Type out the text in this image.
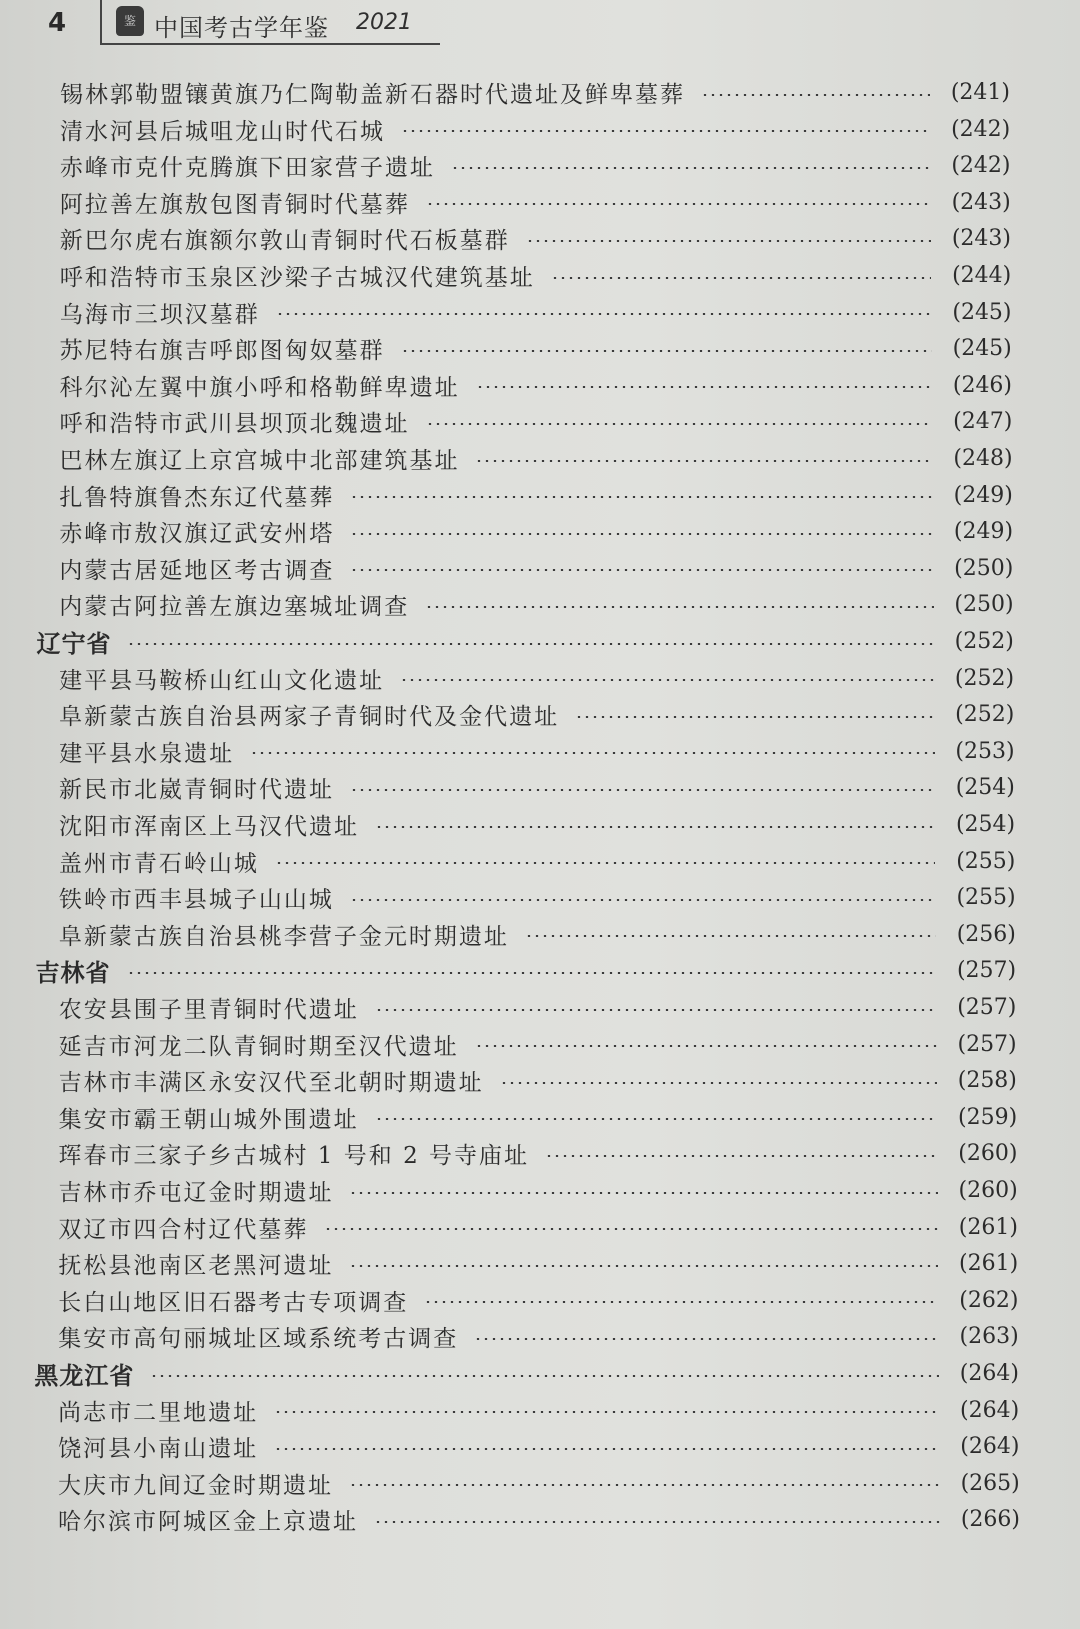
4	鉴 中国考古学年鉴 2021
锡林郭勒盟镶黄旗乃仁陶勒盖新石器时代遗址及鲜卑墓葬	(241)
清水河县后城咀龙山时代石城	(242)
赤峰市克什克腾旗下田家营子遗址	(242)
阿拉善左旗敖包图青铜时代墓葬	(243)
新巴尔虎右旗额尔敦山青铜时代石板墓群	(243)
呼和浩特市玉泉区沙梁子古城汉代建筑基址	(244)
乌海市三坝汉墓群	(245)
苏尼特右旗吉呼郎图匈奴墓群	(245)
科尔沁左翼中旗小呼和格勒鲜卑遗址	(246)
呼和浩特市武川县坝顶北魏遗址	(247)
巴林左旗辽上京宫城中北部建筑基址	(248)
扎鲁特旗鲁杰东辽代墓葬	(249)
赤峰市敖汉旗辽武安州塔	(249)
内蒙古居延地区考古调查	(250)
内蒙古阿拉善左旗边塞城址调查	(250)
辽宁省	(252)
建平县马鞍桥山红山文化遗址	(252)
阜新蒙古族自治县两家子青铜时代及金代遗址	(252)
建平县水泉遗址	(253)
新民市北崴青铜时代遗址	(254)
沈阳市浑南区上马汉代遗址	(254)
盖州市青石岭山城	(255)
铁岭市西丰县城子山山城	(255)
阜新蒙古族自治县桃李营子金元时期遗址	(256)
吉林省	(257)
农安县围子里青铜时代遗址	(257)
延吉市河龙二队青铜时期至汉代遗址	(257)
吉林市丰满区永安汉代至北朝时期遗址	(258)
集安市霸王朝山城外围遗址	(259)
珲春市三家子乡古城村 1 号和 2 号寺庙址	(260)
吉林市乔屯辽金时期遗址	(260)
双辽市四合村辽代墓葬	(261)
抚松县池南区老黑河遗址	(261)
长白山地区旧石器考古专项调查	(262)
集安市高句丽城址区域系统考古调查	(263)
黑龙江省	(264)
尚志市二里地遗址	(264)
饶河县小南山遗址	(264)
大庆市九间辽金时期遗址	(265)
哈尔滨市阿城区金上京遗址	(266)
